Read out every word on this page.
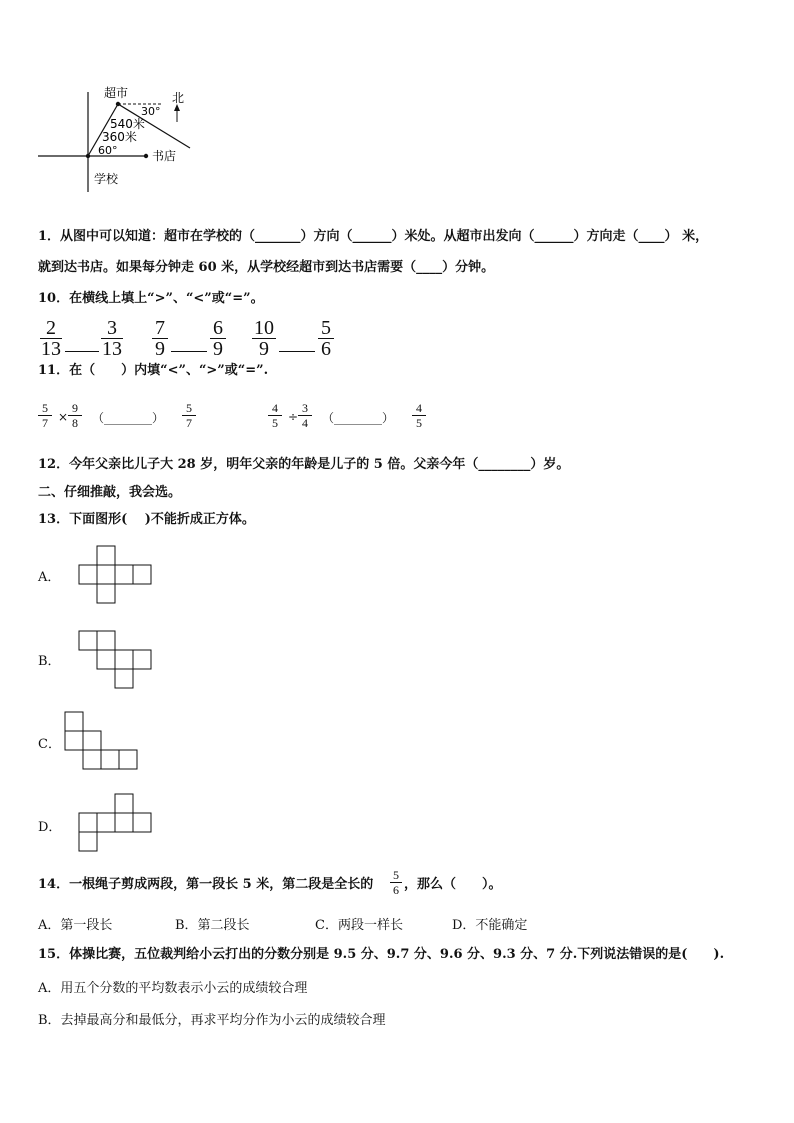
超市
学校
书店
北
540米
360米
30°
60°
1．从图中可以知道：超市在学校的（_______）方向（______）米处。从超市出发向（______）方向走（____） 米，
就到达书店。如果每分钟走 60 米，从学校经超市到达书店需要（____）分钟。
10．在横线上填上“>”、“<”或“=”。
2
13
3
13
7
9
6
9
10
9
5
6
11．在（　　）内填“<”、“>”或“=”.
5
7 ×
9
8	（________）
5
7
4
5 ÷
3
4	（________）
4
5
12．今年父亲比儿子大 28 岁，明年父亲的年龄是儿子的 5 倍。父亲今年（________）岁。
二、仔细推敲，我会选。
13．下面图形(　 )不能折成正方体。
A．
B．
C．
D．
14．一根绳子剪成两段，第一段长 5 米，第二段是全长的
5
6 ，那么（　　）。
A．第一段长	B．第二段长	C．两段一样长	D．不能确定
15．体操比赛，五位裁判给小云打出的分数分别是 9.5 分、9.7 分、9.6 分、9.3 分、7 分.下列说法错误的是(　　).
A．用五个分数的平均数表示小云的成绩较合理
B．去掉最高分和最低分，再求平均分作为小云的成绩较合理
